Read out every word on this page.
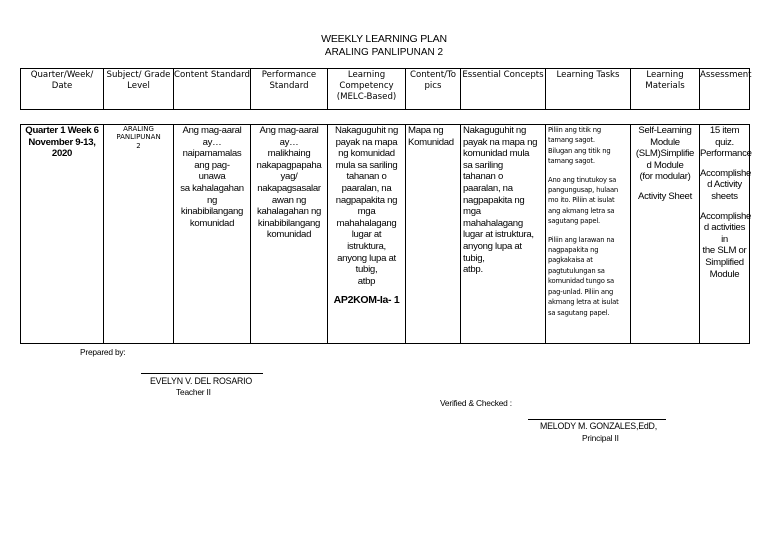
WEEKLY LEARNING PLAN
ARALING PANLIPUNAN 2
Quarter/Week/ Date	Subject/ Grade Level	Content Standard	Performance Standard	Learning Competency (MELC-Based)	Content/To pics	Essential Concepts	Learning Tasks	Learning Materials	Assessment
Quarter 1 Week 6
November 9-13,
2020	ARALING
PANLIPUNAN
2	Ang mag-aaral
ay…
naipamamalas
ang pag-
unawa
sa kahalagahan
ng
kinabibilangang
komunidad	Ang mag-aaral
ay…
malikhaing
nakapagpapaha
yag/
nakapagsasalar
awan ng
kahalagahan ng
kinabibilangang
komunidad	Nakaguguhit ng
payak na mapa
ng komunidad
mula sa sariling
tahanan o
paaralan, na
nagpapakita ng
mga
mahahalagang
lugar at
istruktura,
anyong lupa at
tubig,
atbp
AP2KOM-Ia- 1
	Mapa ng
Komunidad	Nakaguguhit ng
payak na mapa ng
komunidad mula
sa sariling
tahanan o
paaralan, na
nagpapakita ng
mga
mahahalagang
lugar at istruktura,
anyong lupa at
tubig,
atbp.	Piliin ang titik ng
tamang sagot.
Bilugan ang titik ng
tamang sagot.
Ano ang tinutukoy sa
pangungusap, hulaan
mo ito. Piliin at isulat
ang akmang letra sa
sagutang papel.
Piliin ang larawan na
nagpapakita ng
pagkakaisa at
pagtutulungan sa
komunidad tungo sa
pag-unlad. Piliin ang
akmang letra at isulat
sa sagutang papel.	Self-Learning
Module
(SLM)Simplifie
d Module
(for modular)
Activity Sheet	15 item quiz.
Performance
Accomplishe
d Activity
sheets
Accomplishe
d activities in
the SLM or
Simplified
Module
Prepared by:
EVELYN V. DEL ROSARIO
Teacher II
Verified & Checked :
MELODY M. GONZALES,EdD,
Principal II
